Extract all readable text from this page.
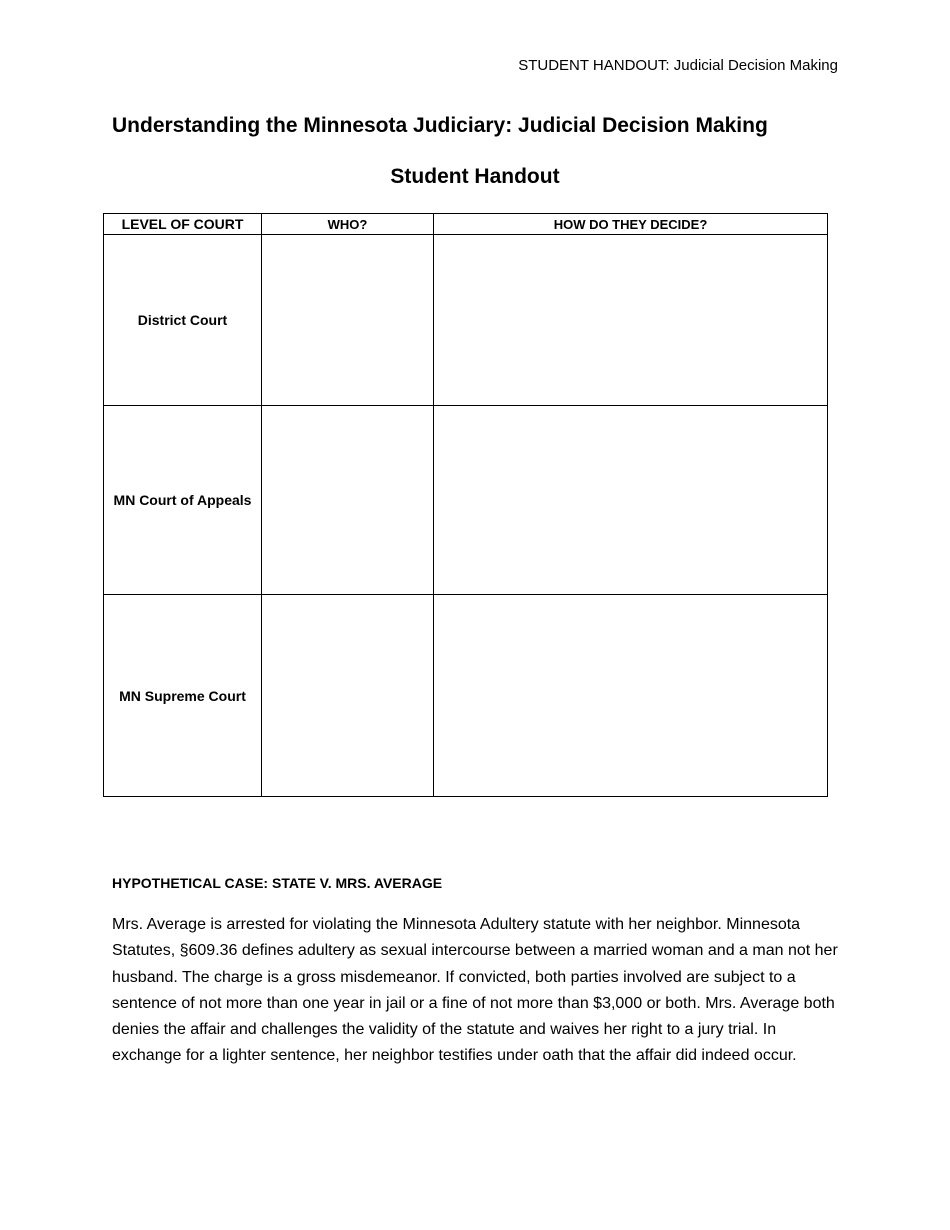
STUDENT HANDOUT: Judicial Decision Making
Understanding the Minnesota Judiciary: Judicial Decision Making
Student Handout
LEVEL OF COURT	WHO?	HOW DO THEY DECIDE?
District Court		
MN Court of Appeals		
MN Supreme Court		
HYPOTHETICAL CASE: STATE V. MRS. AVERAGE

Mrs. Average is arrested for violating the Minnesota Adultery statute with her neighbor. Minnesota Statutes, §609.36 defines adultery as sexual intercourse between a married woman and a man not her husband. The charge is a gross misdemeanor. If convicted, both parties involved are subject to a sentence of not more than one year in jail or a fine of not more than $3,000 or both. Mrs. Average both denies the affair and challenges the validity of the statute and waives her right to a jury trial. In exchange for a lighter sentence, her neighbor testifies under oath that the affair did indeed occur.
